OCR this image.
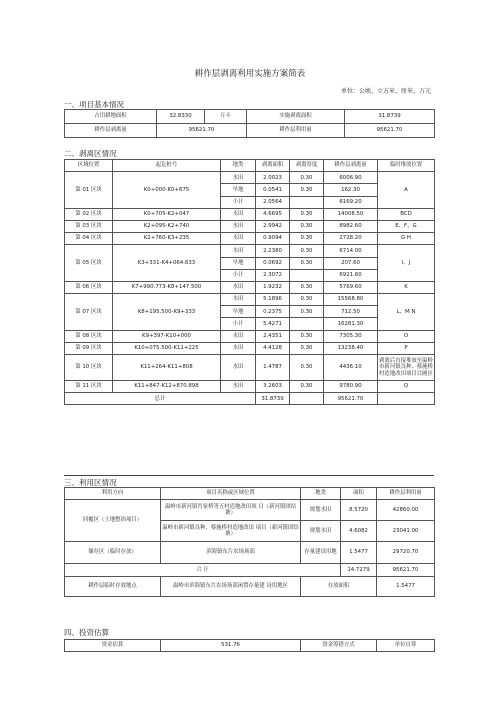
耕作层剥离利用实施方案简表
单位：公顷、立方米、厘米、万元
一、项目基本情况
占用耕地面积	32.8330	斤斗	实施剥离面积	31.8739
耕作层剥离量	95621.70		耕作层利用量	95621.70
二、剥离区情况
区域位置	起讫桩号	地类	剥离面积	剥离厚度	耕作层剥离量	临时堆放位置
第 01 区块	K0+000-K0+675	水田	2.0023	0.30	6006.90	A
		旱地	0.0541	0.30	162.30	
		小计	2.0564		6169.20	
第 02 区块	K0+705-K2+047	水田	4.6695	0.30	14008.50	BCD
第 03 区块	K2+095-K2+740	水田	2.9942	0.30	8982.60	E、F、G
第 04 区块	K2+760-K3+235	水田	0.9094	0.30	2728.20	G H
第 05 区块	K3+331-K4+064.633	水田	2.2380	0.30	6714.00	I、J
		旱地	0.0692	0.30	207.60	
		小计	2.3072		6921.60	
第 06 区块	K7+990.773-K8+147.500	水田	1.9232	0.30	5769.60	K
第 07 区块	K8+195.500-K9+333	水田	5.1896	0.30	15568.80	L、M N
		旱地	0.2375	0.30	712.50	
		小计	5.4271		16281.30	
第 08 区块	K9+397-K10+000	水田	2.4351	0.30	7305.30	O
第 09 区块	K10+075.500-K11+225	水田	4.4128	0.30	13238.40	P
第 10 区块	K11+264-K11+808	水田	1.4787	0.30	4436.10	剥离后直接堆放至温岭市新河镇良种、蔡施桥村造地改田项目目圃区
第 11 区块	K11+847-K12+870.898	水田	3.2603	0.30	9780.90	Q
总计			31.8739		95621.70	
三、利用区情况
利用方向	项目名称或区域位置	地类	面积	耕作层利用量
回覆区（土地整治项目）	温岭市新河镇肖家桥等五村造地改田项 目（新河镇团结塘）	规划水田	8.5720	42860.00
	温岭市新河镇良种、蔡施桥村造地改田 项目（新河镇团结塘）	规划水田	4.6082	23041.00
储存区（临时存放）	滨海镇东片农场场部	存量建设用地	1.5477	29720.70
合 计			14.7279	95621.70
耕作层临时存放地点	温岭市滨海镇东片农场场部闲置存量建 设用地区	存放面积		1.5477
四、投资估算
资金估算	531.76	资金筹措方式	单位自筹
